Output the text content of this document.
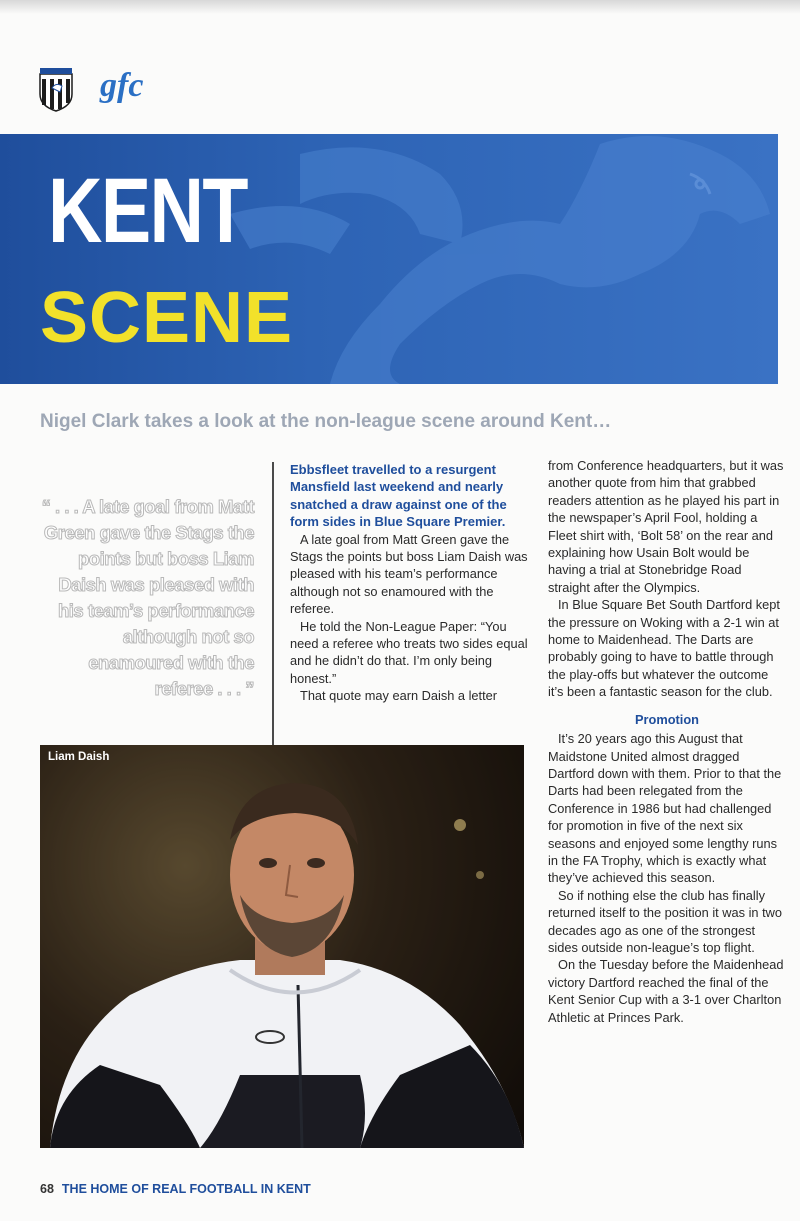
gfc
KENT
SCENE
Nigel Clark takes a look at the non-league scene around Kent…
“ . . . A late goal from Matt Green gave the Stags the points but boss Liam Daish was pleased with his team’s performance although not so enamoured with the referee . . . ”

Ebbsfleet travelled to a resurgent Mansfield last weekend and nearly snatched a draw against one of the form sides in Blue Square Premier.

A late goal from Matt Green gave the Stags the points but boss Liam Daish was pleased with his team’s performance although not so enamoured with the referee.

He told the Non-League Paper: “You need a referee who treats two sides equal and he didn’t do that. I’m only being honest.”

That quote may earn Daish a letter

from Conference headquarters, but it was another quote from him that grabbed readers attention as he played his part in the newspaper’s April Fool, holding a Fleet shirt with, ‘Bolt 58’ on the rear and explaining how Usain Bolt would be having a trial at Stonebridge Road straight after the Olympics.

In Blue Square Bet South Dartford kept the pressure on Woking with a 2-1 win at home to Maidenhead. The Darts are probably going to have to battle through the play-offs but whatever the outcome it’s been a fantastic season for the club.

Promotion

It’s 20 years ago this August that Maidstone United almost dragged Dartford down with them. Prior to that the Darts had been relegated from the Conference in 1986 but had challenged for promotion in five of the next six seasons and enjoyed some lengthy runs in the FA Trophy, which is exactly what they’ve achieved this season.

So if nothing else the club has finally returned itself to the position it was in two decades ago as one of the strongest sides outside non-league’s top flight.

On the Tuesday before the Maidenhead victory Dartford reached the final of the Kent Senior Cup with a 3-1 over Charlton Athletic at Princes Park.

Liam Daish
68 THE HOME OF REAL FOOTBALL IN KENT
